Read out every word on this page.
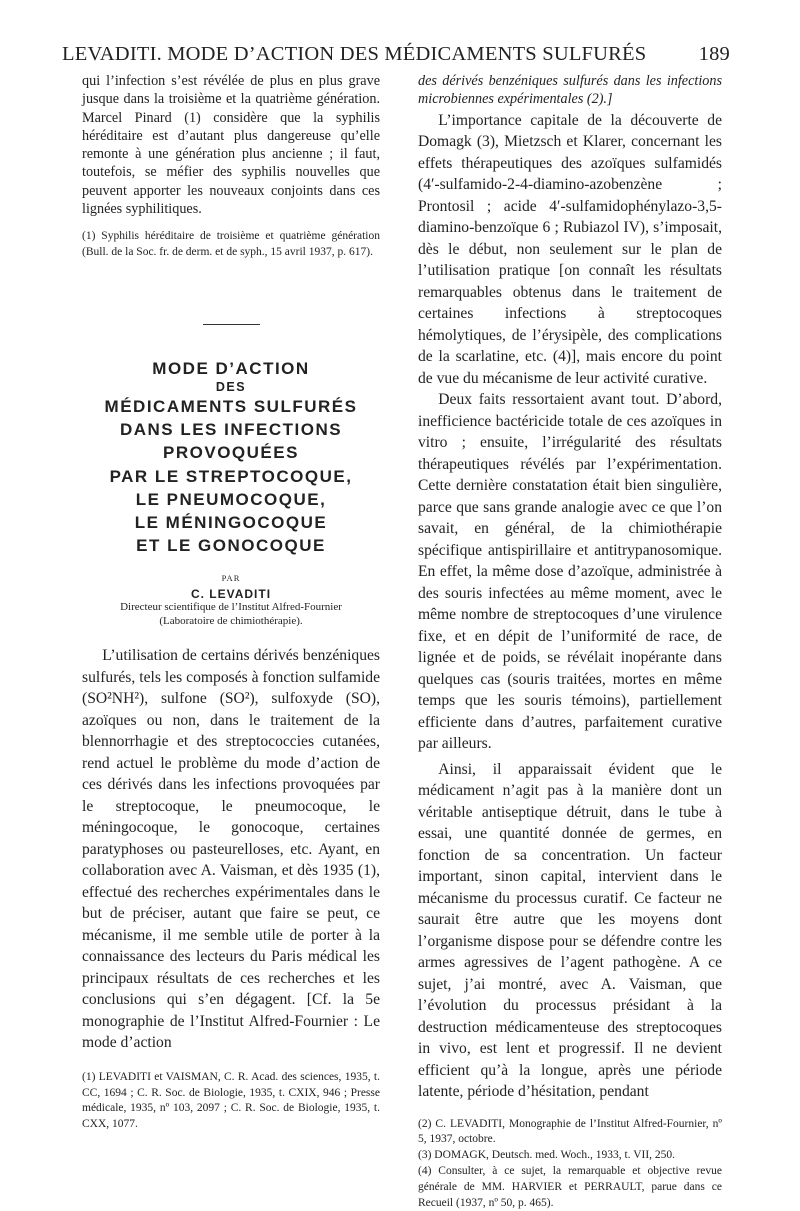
LEVADITI. MODE D’ACTION DES MÉDICAMENTS SULFURÉS	189

qui l’infection s’est révélée de plus en plus grave jusque dans la troisième et la quatrième génération. Marcel Pinard (1) considère que la syphilis héréditaire est d’autant plus dangereuse qu’elle remonte à une génération plus ancienne ; il faut, toutefois, se méfier des syphilis nouvelles que peuvent apporter les nouveaux conjoints dans ces lignées syphilitiques.

(1) Syphilis héréditaire de troisième et quatrième génération (Bull. de la Soc. fr. de derm. et de syph., 15 avril 1937, p. 617).

MODE D’ACTION
DES
MÉDICAMENTS SULFURÉS
DANS LES INFECTIONS
PROVOQUÉES
PAR LE STREPTOCOQUE,
LE PNEUMOCOQUE,
LE MÉNINGOCOQUE
ET LE GONOCOQUE
PAR
C. LEVADITI
Directeur scientifique de l’Institut Alfred-Fournier
(Laboratoire de chimiothérapie).

L’utilisation de certains dérivés benzéniques sulfurés, tels les composés à fonction sulfamide (SO²NH²), sulfone (SO²), sulfoxyde (SO), azoïques ou non, dans le traitement de la blennorrhagie et des streptococcies cutanées, rend actuel le problème du mode d’action de ces dérivés dans les infections provoquées par le streptocoque, le pneumocoque, le méningocoque, le gonocoque, certaines paratyphoses ou pasteurelloses, etc. Ayant, en collaboration avec A. Vaisman, et dès 1935 (1), effectué des recherches expérimentales dans le but de préciser, autant que faire se peut, ce mécanisme, il me semble utile de porter à la connaissance des lecteurs du Paris médical les principaux résultats de ces recherches et les conclusions qui s’en dégagent. [Cf. la 5e monographie de l’Institut Alfred-Fournier : Le mode d’action

(1) LEVADITI et VAISMAN, C. R. Acad. des sciences, 1935, t. CC, 1694 ; C. R. Soc. de Biologie, 1935, t. CXIX, 946 ; Presse médicale, 1935, nº 103, 2097 ; C. R. Soc. de Biologie, 1935, t. CXX, 1077.

des dérivés benzéniques sulfurés dans les infections microbiennes expérimentales (2).]

L’importance capitale de la découverte de Domagk (3), Mietzsch et Klarer, concernant les effets thérapeutiques des azoïques sulfamidés (4′-sulfamido-2-4-diamino-azobenzène ; Prontosil ; acide 4′-sulfamidophénylazo-3,5-diamino-benzoïque 6 ; Rubiazol IV), s’imposait, dès le début, non seulement sur le plan de l’utilisation pratique [on connaît les résultats remarquables obtenus dans le traitement de certaines infections à streptocoques hémolytiques, de l’érysipèle, des complications de la scarlatine, etc. (4)], mais encore du point de vue du mécanisme de leur activité curative.

Deux faits ressortaient avant tout. D’abord, inefficience bactéricide totale de ces azoïques in vitro ; ensuite, l’irrégularité des résultats thérapeutiques révélés par l’expérimentation. Cette dernière constatation était bien singulière, parce que sans grande analogie avec ce que l’on savait, en général, de la chimiothérapie spécifique antispirillaire et antitrypanosomique. En effet, la même dose d’azoïque, administrée à des souris infectées au même moment, avec le même nombre de streptocoques d’une virulence fixe, et en dépit de l’uniformité de race, de lignée et de poids, se révélait inopérante dans quelques cas (souris traitées, mortes en même temps que les souris témoins), partiellement efficiente dans d’autres, parfaitement curative par ailleurs.

Ainsi, il apparaissait évident que le médicament n’agit pas à la manière dont un véritable antiseptique détruit, dans le tube à essai, une quantité donnée de germes, en fonction de sa concentration. Un facteur important, sinon capital, intervient dans le mécanisme du processus curatif. Ce facteur ne saurait être autre que les moyens dont l’organisme dispose pour se défendre contre les armes agressives de l’agent pathogène. A ce sujet, j’ai montré, avec A. Vaisman, que l’évolution du processus présidant à la destruction médicamenteuse des streptocoques in vivo, est lent et progressif. Il ne devient efficient qu’à la longue, après une période latente, période d’hésitation, pendant

(2) C. LEVADITI, Monographie de l’Institut Alfred-Fournier, nº 5, 1937, octobre.

(3) DOMAGK, Deutsch. med. Woch., 1933, t. VII, 250.

(4) Consulter, à ce sujet, la remarquable et objective revue générale de MM. HARVIER et PERRAULT, parue dans ce Recueil (1937, nº 50, p. 465).
